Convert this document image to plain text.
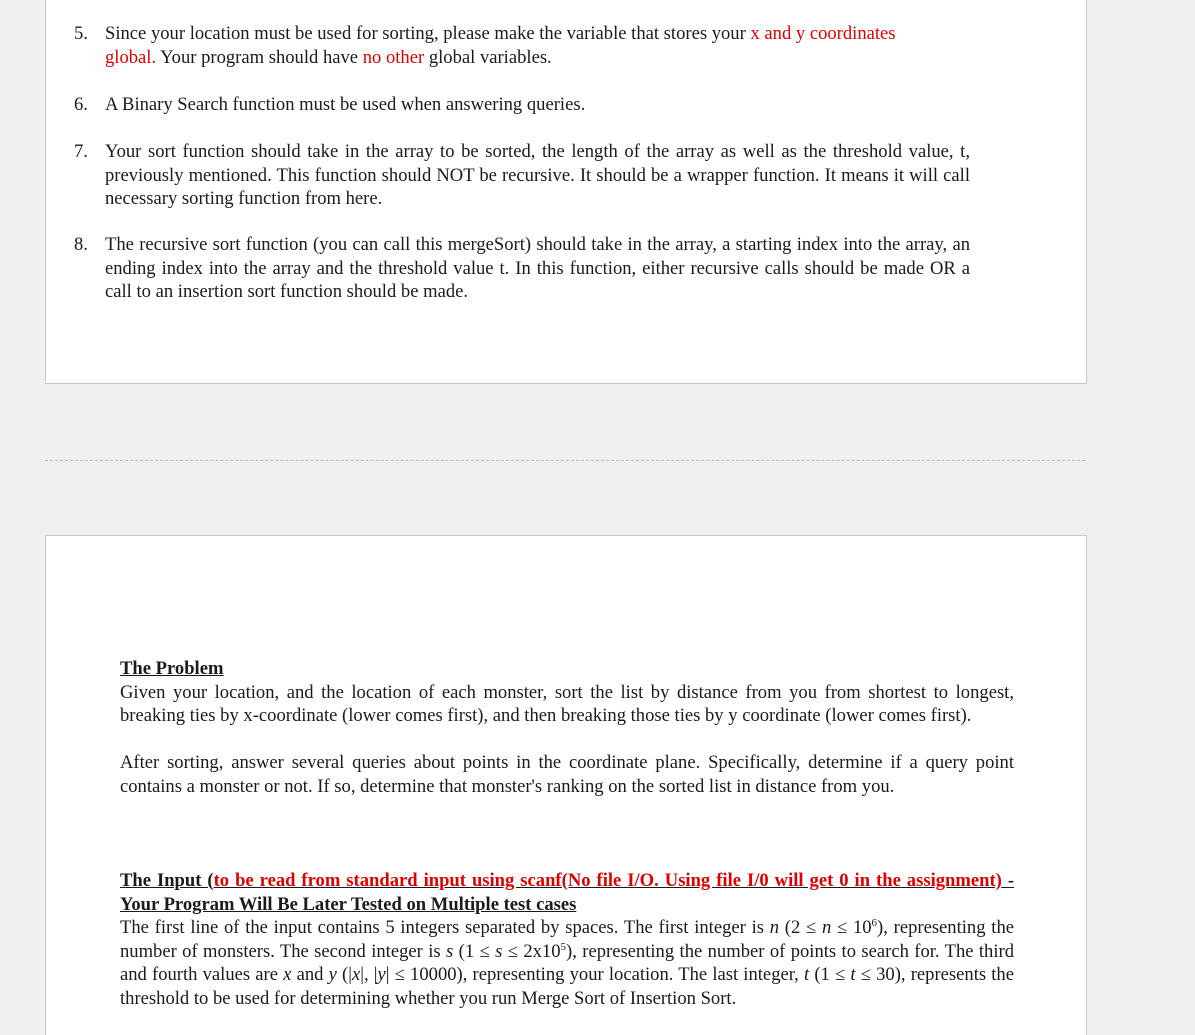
5. Since your location must be used for sorting, please make the variable that stores your x and y coordinates
global. Your program should have no other global variables.
6. A Binary Search function must be used when answering queries.
7. Your sort function should take in the array to be sorted, the length of the array as well as the threshold value, t, previously mentioned. This function should NOT be recursive. It should be a wrapper function. It means it will call necessary sorting function from here.
8. The recursive sort function (you can call this mergeSort) should take in the array, a starting index into the array, an ending index into the array and the threshold value t. In this function, either recursive calls should be made OR a call to an insertion sort function should be made.
The Problem
Given your location, and the location of each monster, sort the list by distance from you from shortest to longest, breaking ties by x-coordinate (lower comes first), and then breaking those ties by y coordinate (lower comes first).
After sorting, answer several queries about points in the coordinate plane. Specifically, determine if a query point contains a monster or not. If so, determine that monster's ranking on the sorted list in distance from you.
The Input (to be read from standard input using scanf(No file I/O. Using file I/0 will get 0 in the assignment) - Your Program Will Be Later Tested on Multiple test cases
The first line of the input contains 5 integers separated by spaces. The first integer is n $(2 \le n \le 10^6)$, representing the number of monsters. The second integer is s $(1 \le s \le 2x10^5)$, representing the number of points to search for. The third and fourth values are x and y (|x|, |y| ≤ 10000), representing your location. The last integer, t (1 ≤ t ≤ 30), represents the threshold to be used for determining whether you run Merge Sort of Insertion Sort.
